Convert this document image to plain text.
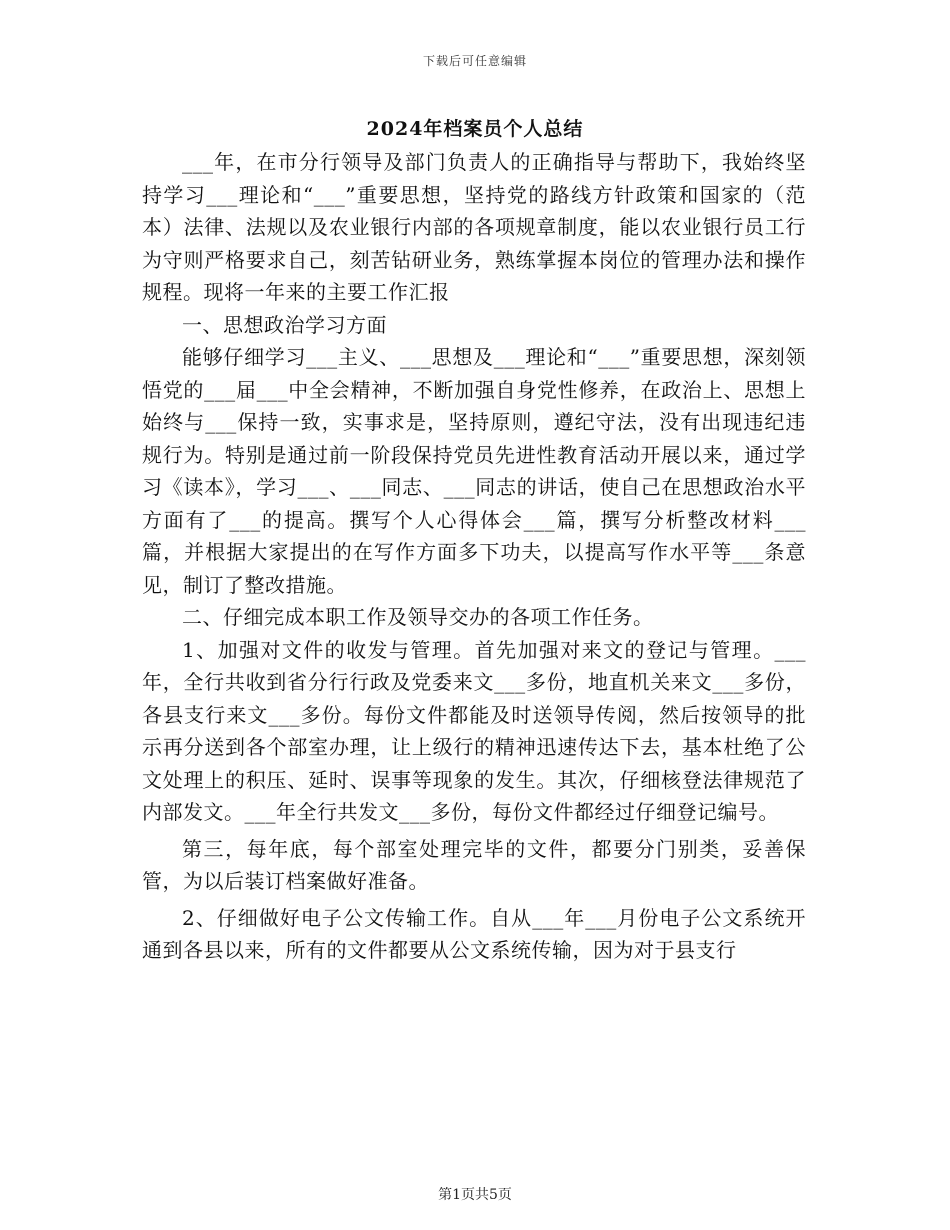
下载后可任意编辑
2024年档案员个人总结

___年，在市分行领导及部门负责人的正确指导与帮助下，我始终坚持学习___理论和“___”重要思想，坚持党的路线方针政策和国家的（范本）法律、法规以及农业银行内部的各项规章制度，能以农业银行员工行为守则严格要求自己，刻苦钻研业务，熟练掌握本岗位的管理办法和操作规程。现将一年来的主要工作汇报

一、思想政治学习方面

能够仔细学习___主义、___思想及___理论和“___”重要思想，深刻领悟党的___届___中全会精神，不断加强自身党性修养，在政治上、思想上始终与___保持一致，实事求是，坚持原则，遵纪守法，没有出现违纪违规行为。特别是通过前一阶段保持党员先进性教育活动开展以来，通过学习《读本》，学习___、___同志、___同志的讲话，使自己在思想政治水平方面有了___的提高。撰写个人心得体会___篇，撰写分析整改材料___篇，并根据大家提出的在写作方面多下功夫，以提高写作水平等___条意见，制订了整改措施。

二、仔细完成本职工作及领导交办的各项工作任务。

1、加强对文件的收发与管理。首先加强对来文的登记与管理。___年，全行共收到省分行行政及党委来文___多份，地直机关来文___多份，各县支行来文___多份。每份文件都能及时送领导传阅，然后按领导的批示再分送到各个部室办理，让上级行的精神迅速传达下去，基本杜绝了公文处理上的积压、延时、误事等现象的发生。其次，仔细核登法律规范了内部发文。___年全行共发文___多份，每份文件都经过仔细登记编号。

第三，每年底，每个部室处理完毕的文件，都要分门别类，妥善保管，为以后装订档案做好准备。

2、仔细做好电子公文传输工作。自从___年___月份电子公文系统开通到各县以来，所有的文件都要从公文系统传输，因为对于县支行

第1页共5页
